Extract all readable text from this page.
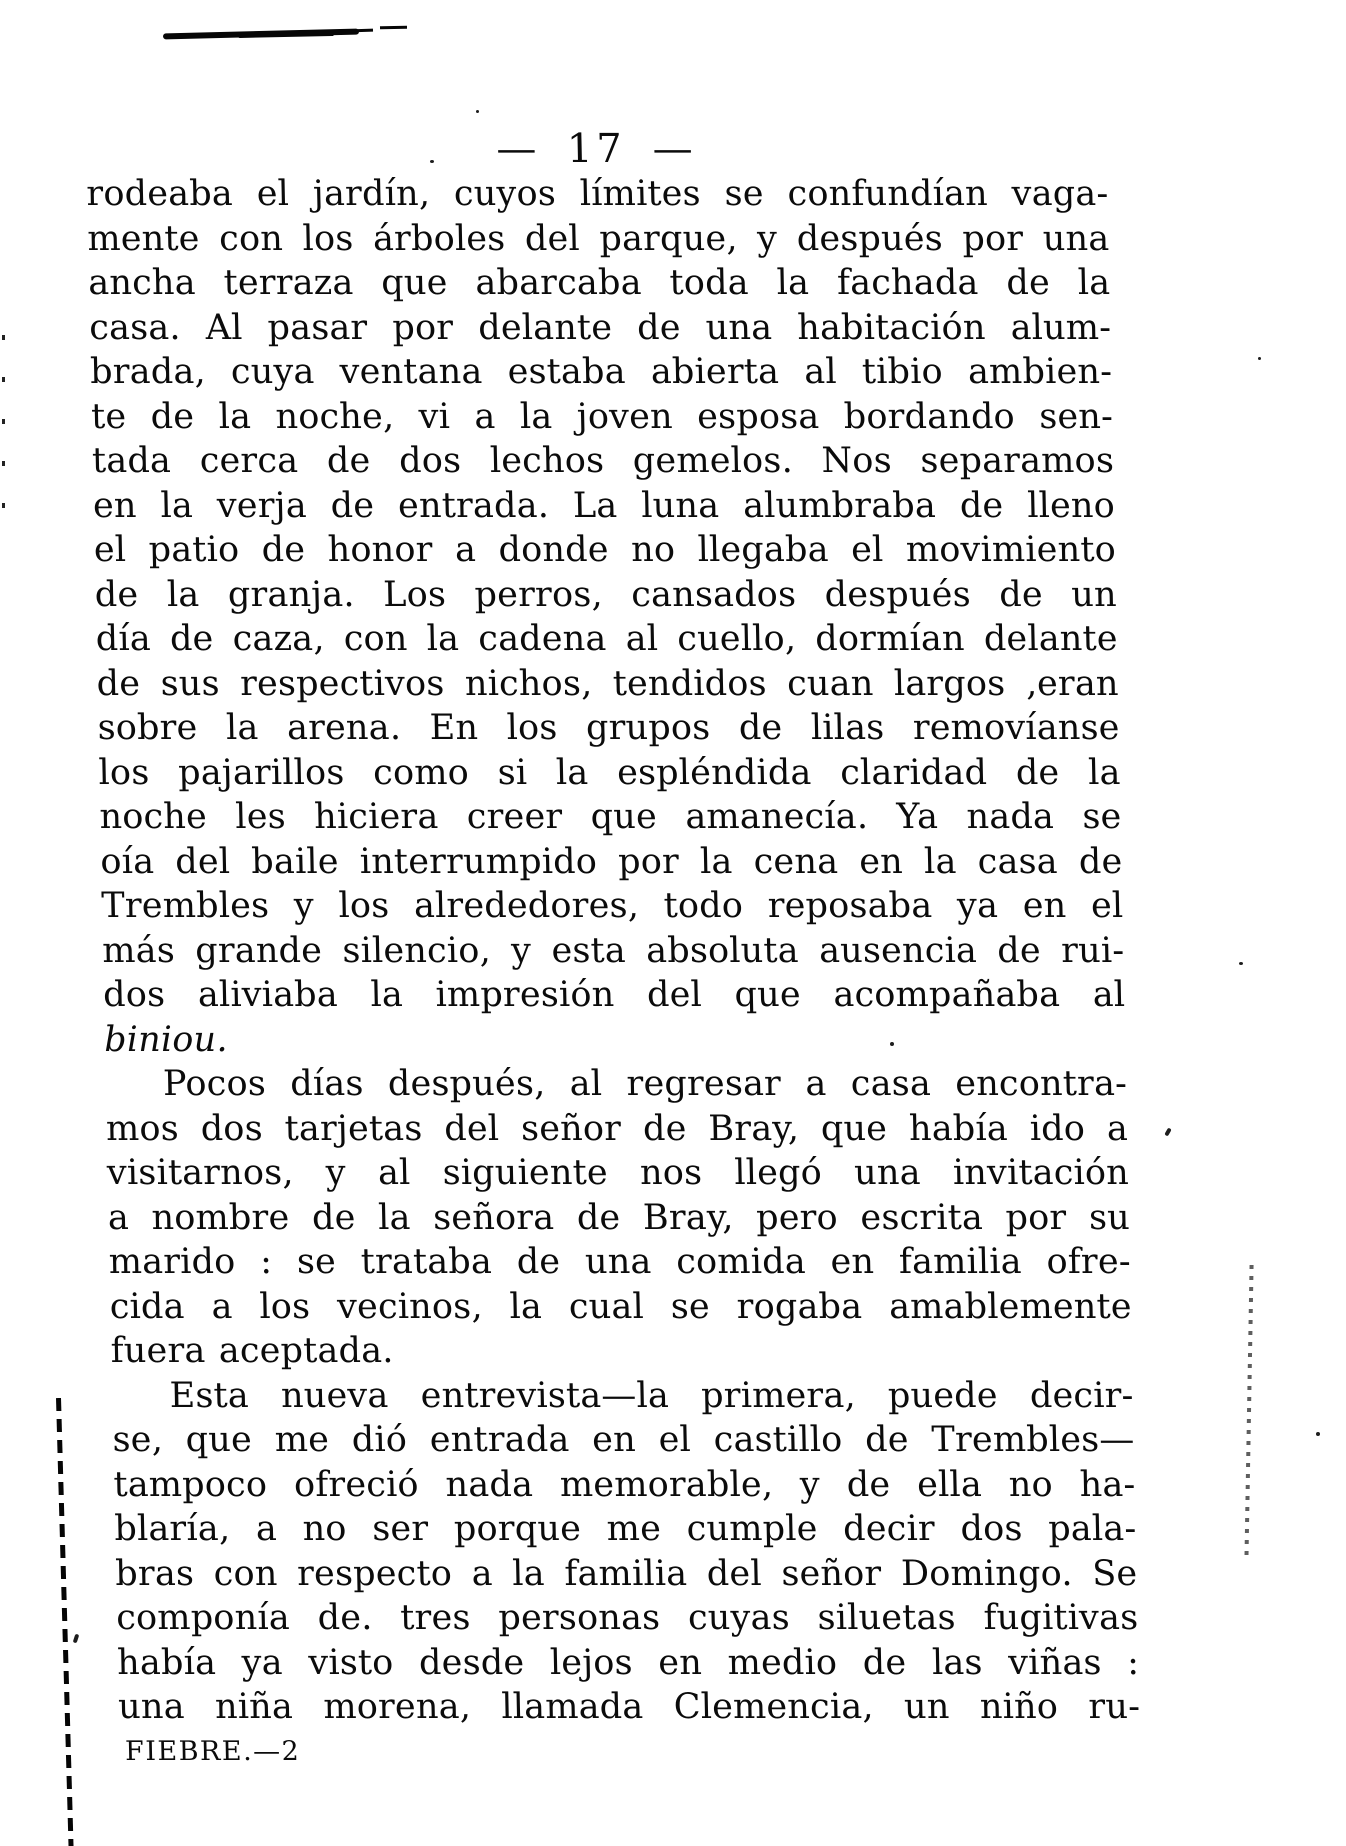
— 17 —
rodeaba el jardín, cuyos límites se confundían vaga-
mente con los árboles del parque, y después por una
ancha terraza que abarcaba toda la fachada de la
casa. Al pasar por delante de una habitación alum-
brada, cuya ventana estaba abierta al tibio ambien-
te de la noche, vi a la joven esposa bordando sen-
tada cerca de dos lechos gemelos. Nos separamos
en la verja de entrada. La luna alumbraba de lleno
el patio de honor a donde no llegaba el movimiento
de la granja. Los perros, cansados después de un
día de caza, con la cadena al cuello, dormían delante
de sus respectivos nichos, tendidos cuan largos ‚eran
sobre la arena. En los grupos de lilas removíanse
los pajarillos como si la espléndida claridad de la
noche les hiciera creer que amanecía. Ya nada se
oía del baile interrumpido por la cena en la casa de
Trembles y los alrededores, todo reposaba ya en el
más grande silencio, y esta absoluta ausencia de rui-
dos aliviaba la impresión del que acompañaba al
biniou.
Pocos días después, al regresar a casa encontra-
mos dos tarjetas del señor de Bray, que había ido a
visitarnos, y al siguiente nos llegó una invitación
a nombre de la señora de Bray, pero escrita por su
marido : se trataba de una comida en familia ofre-
cida a los vecinos, la cual se rogaba amablemente
fuera aceptada.
Esta nueva entrevista—la primera, puede decir-
se, que me dió entrada en el castillo de Trembles—
tampoco ofreció nada memorable, y de ella no ha-
blaría, a no ser porque me cumple decir dos pala-
bras con respecto a la familia del señor Domingo. Se
componía de. tres personas cuyas siluetas fugitivas
había ya visto desde lejos en medio de las viñas :
una niña morena, llamada Clemencia, un niño ru-
FIEBRE.—2
